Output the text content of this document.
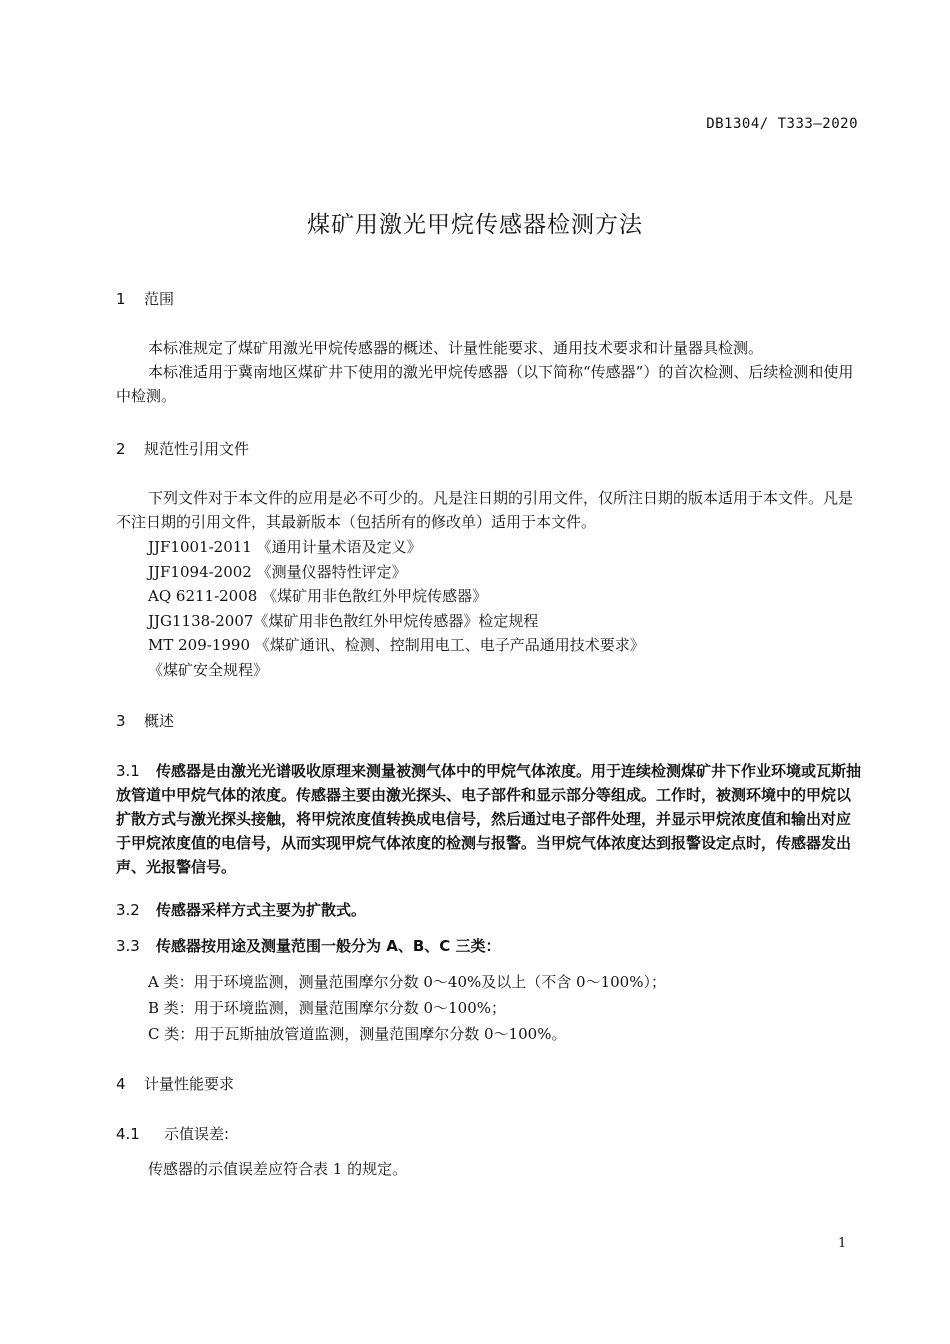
DB1304/ T333—2020
煤矿用激光甲烷传感器检测方法
1 范围
本标准规定了煤矿用激光甲烷传感器的概述、计量性能要求、通用技术要求和计量器具检测。
本标准适用于冀南地区煤矿井下使用的激光甲烷传感器（以下简称“传感器”）的首次检测、后续检测和使用中检测。
2 规范性引用文件
下列文件对于本文件的应用是必不可少的。凡是注日期的引用文件，仅所注日期的版本适用于本文件。凡是不注日期的引用文件，其最新版本（包括所有的修改单）适用于本文件。
JJF1001-2011 《通用计量术语及定义》
JJF1094-2002 《测量仪器特性评定》
AQ 6211-2008 《煤矿用非色散红外甲烷传感器》
JJG1138-2007《煤矿用非色散红外甲烷传感器》检定规程
MT 209-1990 《煤矿通讯、检测、控制用电工、电子产品通用技术要求》
《煤矿安全规程》
3 概述
3.1 传感器是由激光光谱吸收原理来测量被测气体中的甲烷气体浓度。用于连续检测煤矿井下作业环境或瓦斯抽放管道中甲烷气体的浓度。传感器主要由激光探头、电子部件和显示部分等组成。工作时，被测环境中的甲烷以扩散方式与激光探头接触，将甲烷浓度值转换成电信号，然后通过电子部件处理，并显示甲烷浓度值和输出对应于甲烷浓度值的电信号，从而实现甲烷气体浓度的检测与报警。当甲烷气体浓度达到报警设定点时，传感器发出声、光报警信号。
3.2 传感器采样方式主要为扩散式。
3.3 传感器按用途及测量范围一般分为 A、B、C 三类：
A 类：用于环境监测，测量范围摩尔分数 0～40%及以上（不含 0～100%）；
B 类：用于环境监测，测量范围摩尔分数 0～100%；
C 类：用于瓦斯抽放管道监测，测量范围摩尔分数 0～100%。
4 计量性能要求
4.1 示值误差:
传感器的示值误差应符合表 1 的规定。
1
